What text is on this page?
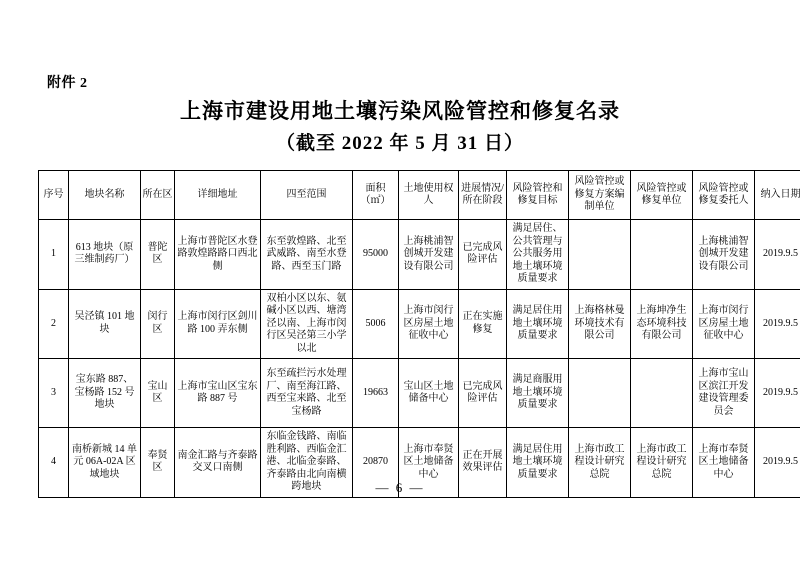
附件 2
上海市建设用地土壤污染风险管控和修复名录
（截至 2022 年 5 月 31 日）
序号	地块名称	所在区	详细地址	四至范围	面积
（㎡）	土地使用权人	进展情况/所在阶段	风险管控和修复目标	风险管控或修复方案编制单位	风险管控或修复单位	风险管控或修复委托人	纳入日期
1	613 地块（原三维制药厂）	普陀区	上海市普陀区水登路敦煌路路口西北侧	东至敦煌路、北至武威路、南至水登路、西至玉门路	95000	上海桃浦智创城开发建设有限公司	已完成风险评估	满足居住、公共管理与公共服务用地土壤环境质量要求			上海桃浦智创城开发建设有限公司	2019.9.5
2	吴泾镇 101 地块	闵行区	上海市闵行区剑川路 100 弄东侧	双柏小区以东、氨碱小区以西、塘湾泾以南、上海市闵行区吴泾第三小学以北	5006	上海市闵行区房屋土地征收中心	正在实施修复	满足居住用地土壤环境质量要求	上海格林曼环境技术有限公司	上海坤净生态环境科技有限公司	上海市闵行区房屋土地征收中心	2019.9.5
3	宝东路 887、宝杨路 152 号地块	宝山区	上海市宝山区宝东路 887 号	东至疏拦污水处理厂、南至海江路、西至宝来路、北至宝杨路	19663	宝山区土地储备中心	已完成风险评估	满足商服用地土壤环境质量要求			上海市宝山区滨江开发建设管理委员会	2019.9.5
4	南桥新城 14 单元 06A-02A 区域地块	奉贤区	南金汇路与齐泰路交叉口南侧	东临金钱路、南临胜利路、西临金汇港、北临金泰路、齐泰路由北向南横跨地块	20870	上海市奉贤区土地储备中心	正在开展效果评估	满足居住用地土壤环境质量要求	上海市政工程设计研究总院	上海市政工程设计研究总院	上海市奉贤区土地储备中心	2019.9.5
— 6 —
